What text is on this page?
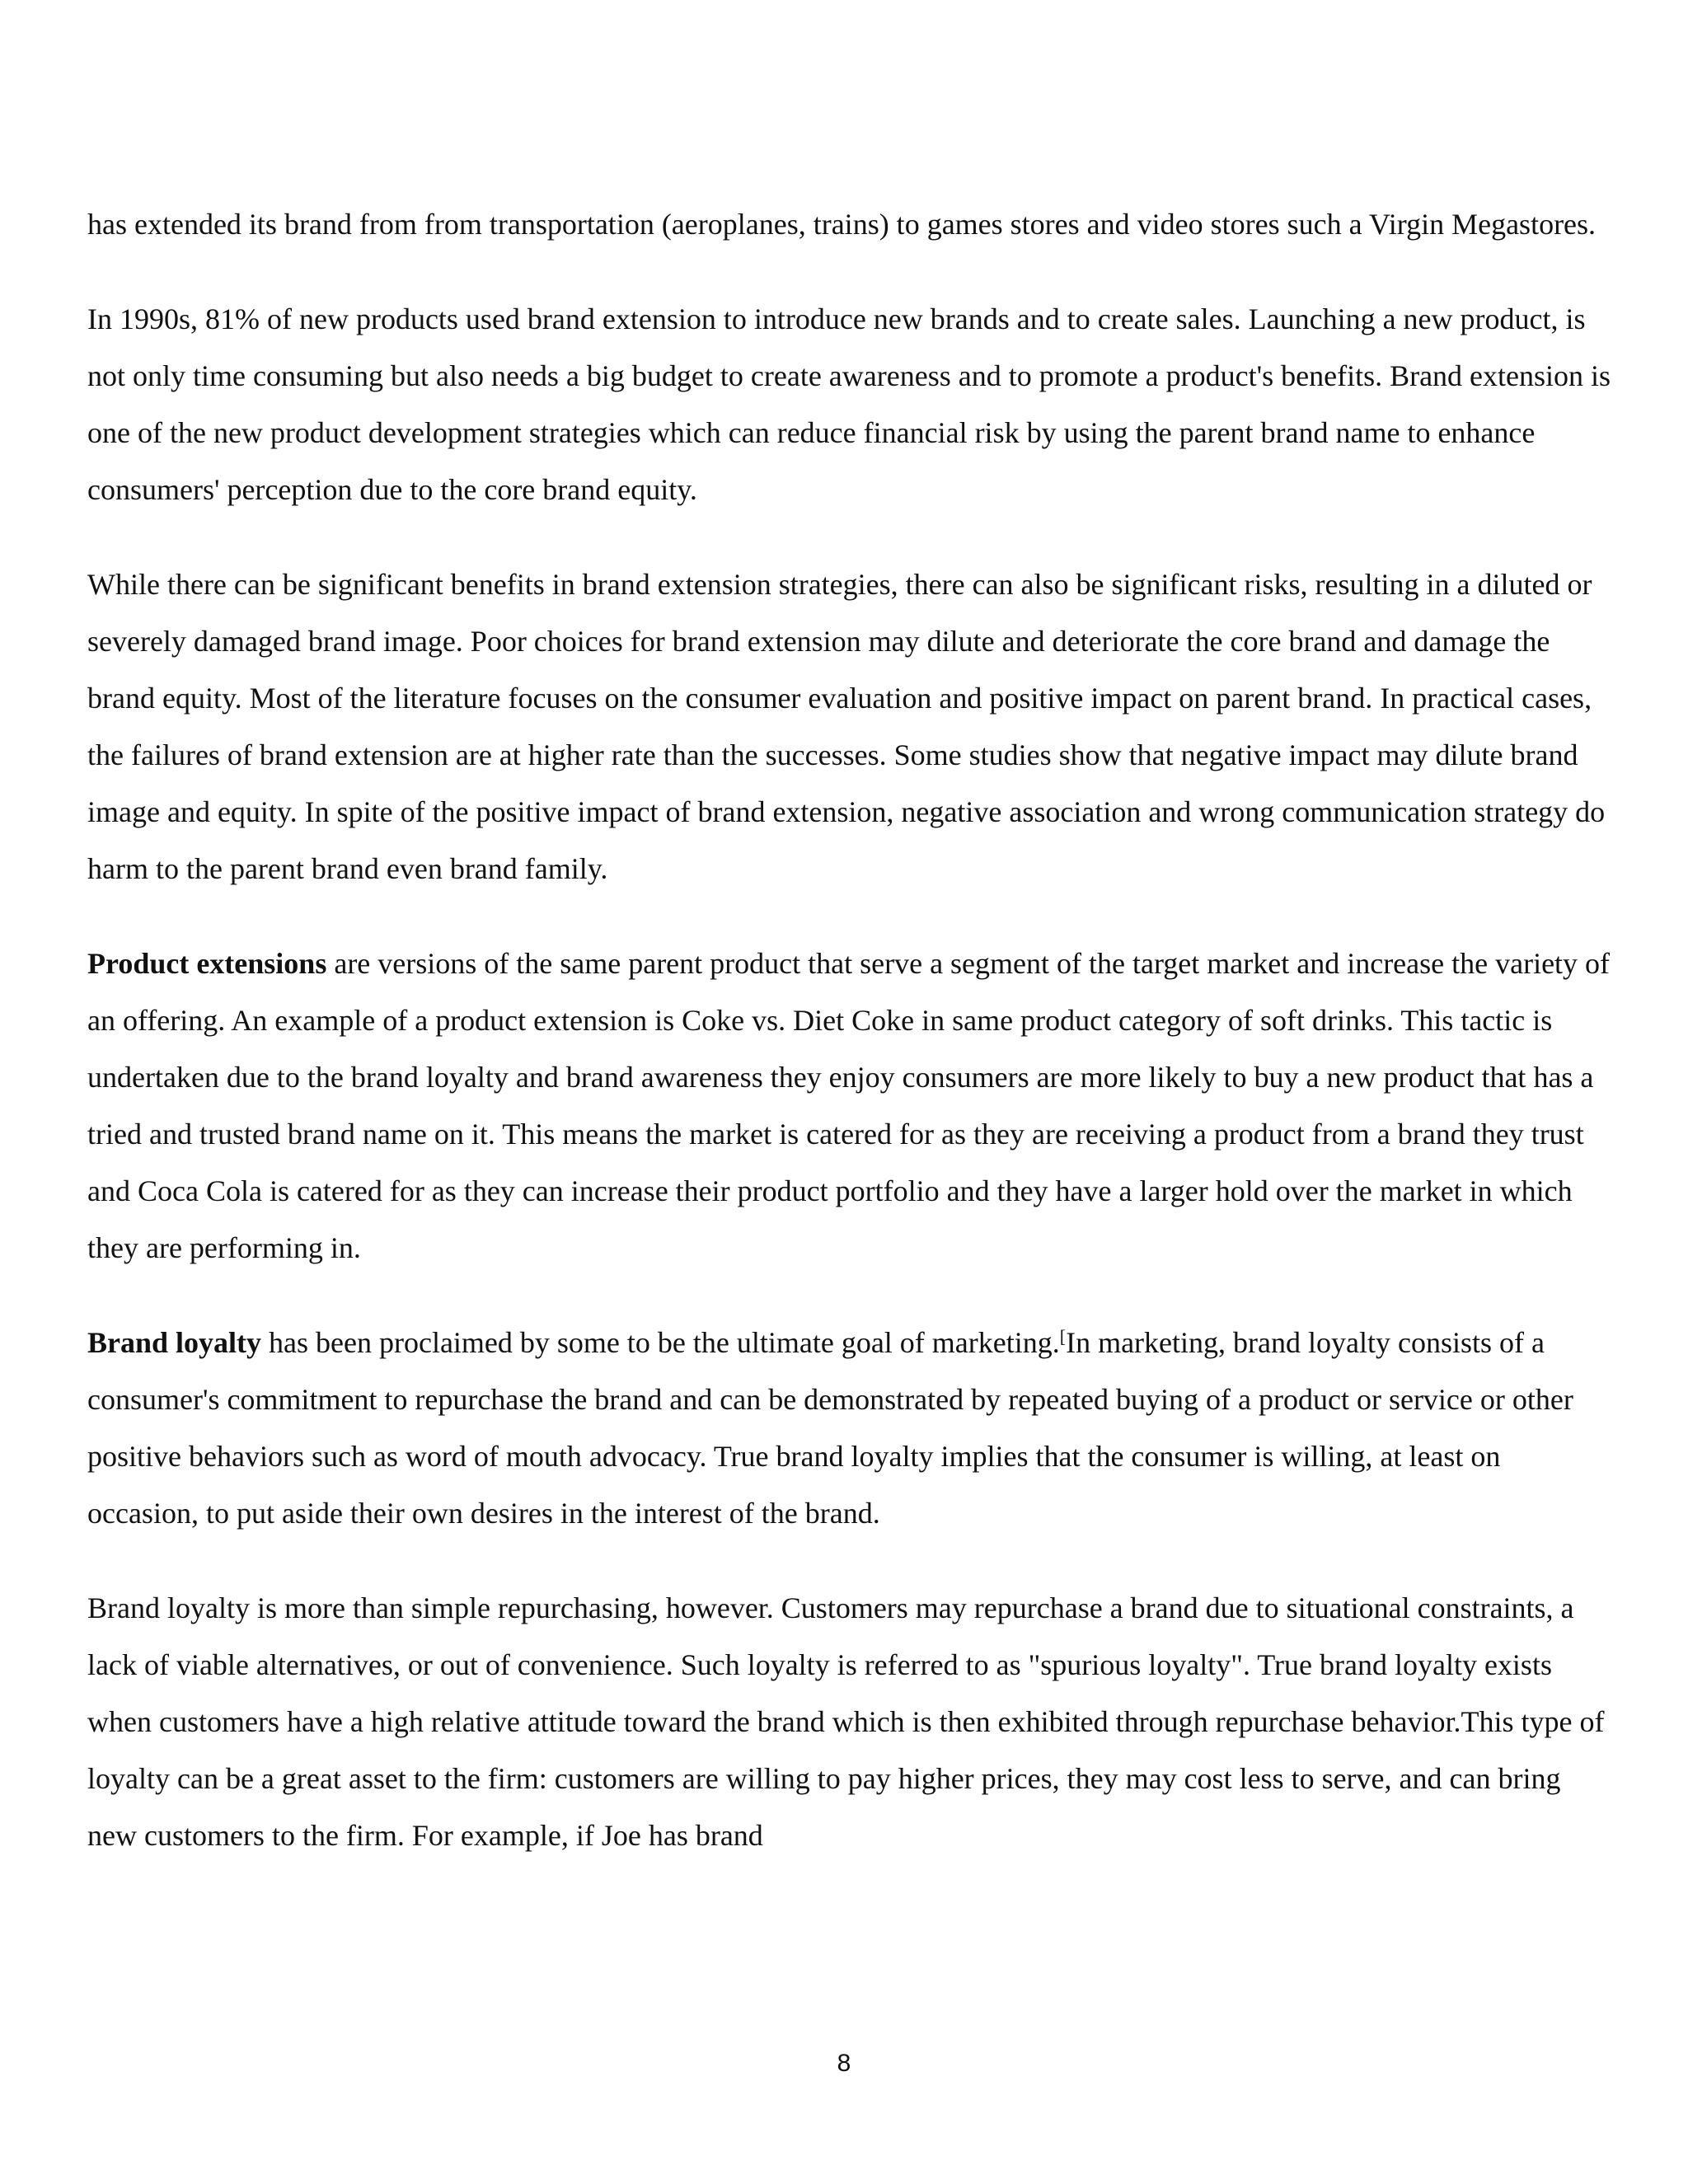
has extended its brand from from transportation (aeroplanes, trains) to games stores and video stores such a Virgin Megastores.

In 1990s, 81% of new products used brand extension to introduce new brands and to create sales. Launching a new product, is not only time consuming but also needs a big budget to create awareness and to promote a product's benefits. Brand extension is one of the new product development strategies which can reduce financial risk by using the parent brand name to enhance consumers' perception due to the core brand equity.

While there can be significant benefits in brand extension strategies, there can also be significant risks, resulting in a diluted or severely damaged brand image. Poor choices for brand extension may dilute and deteriorate the core brand and damage the brand equity. Most of the literature focuses on the consumer evaluation and positive impact on parent brand. In practical cases, the failures of brand extension are at higher rate than the successes. Some studies show that negative impact may dilute brand image and equity. In spite of the positive impact of brand extension, negative association and wrong communication strategy do harm to the parent brand even brand family.

Product extensions are versions of the same parent product that serve a segment of the target market and increase the variety of an offering. An example of a product extension is Coke vs. Diet Coke in same product category of soft drinks. This tactic is undertaken due to the brand loyalty and brand awareness they enjoy consumers are more likely to buy a new product that has a tried and trusted brand name on it. This means the market is catered for as they are receiving a product from a brand they trust and Coca Cola is catered for as they can increase their product portfolio and they have a larger hold over the market in which they are performing in.

Brand loyalty has been proclaimed by some to be the ultimate goal of marketing.[In marketing, brand loyalty consists of a consumer's commitment to repurchase the brand and can be demonstrated by repeated buying of a product or service or other positive behaviors such as word of mouth advocacy. True brand loyalty implies that the consumer is willing, at least on occasion, to put aside their own desires in the interest of the brand.

Brand loyalty is more than simple repurchasing, however. Customers may repurchase a brand due to situational constraints, a lack of viable alternatives, or out of convenience. Such loyalty is referred to as "spurious loyalty". True brand loyalty exists when customers have a high relative attitude toward the brand which is then exhibited through repurchase behavior.This type of loyalty can be a great asset to the firm: customers are willing to pay higher prices, they may cost less to serve, and can bring new customers to the firm. For example, if Joe has brand

8
